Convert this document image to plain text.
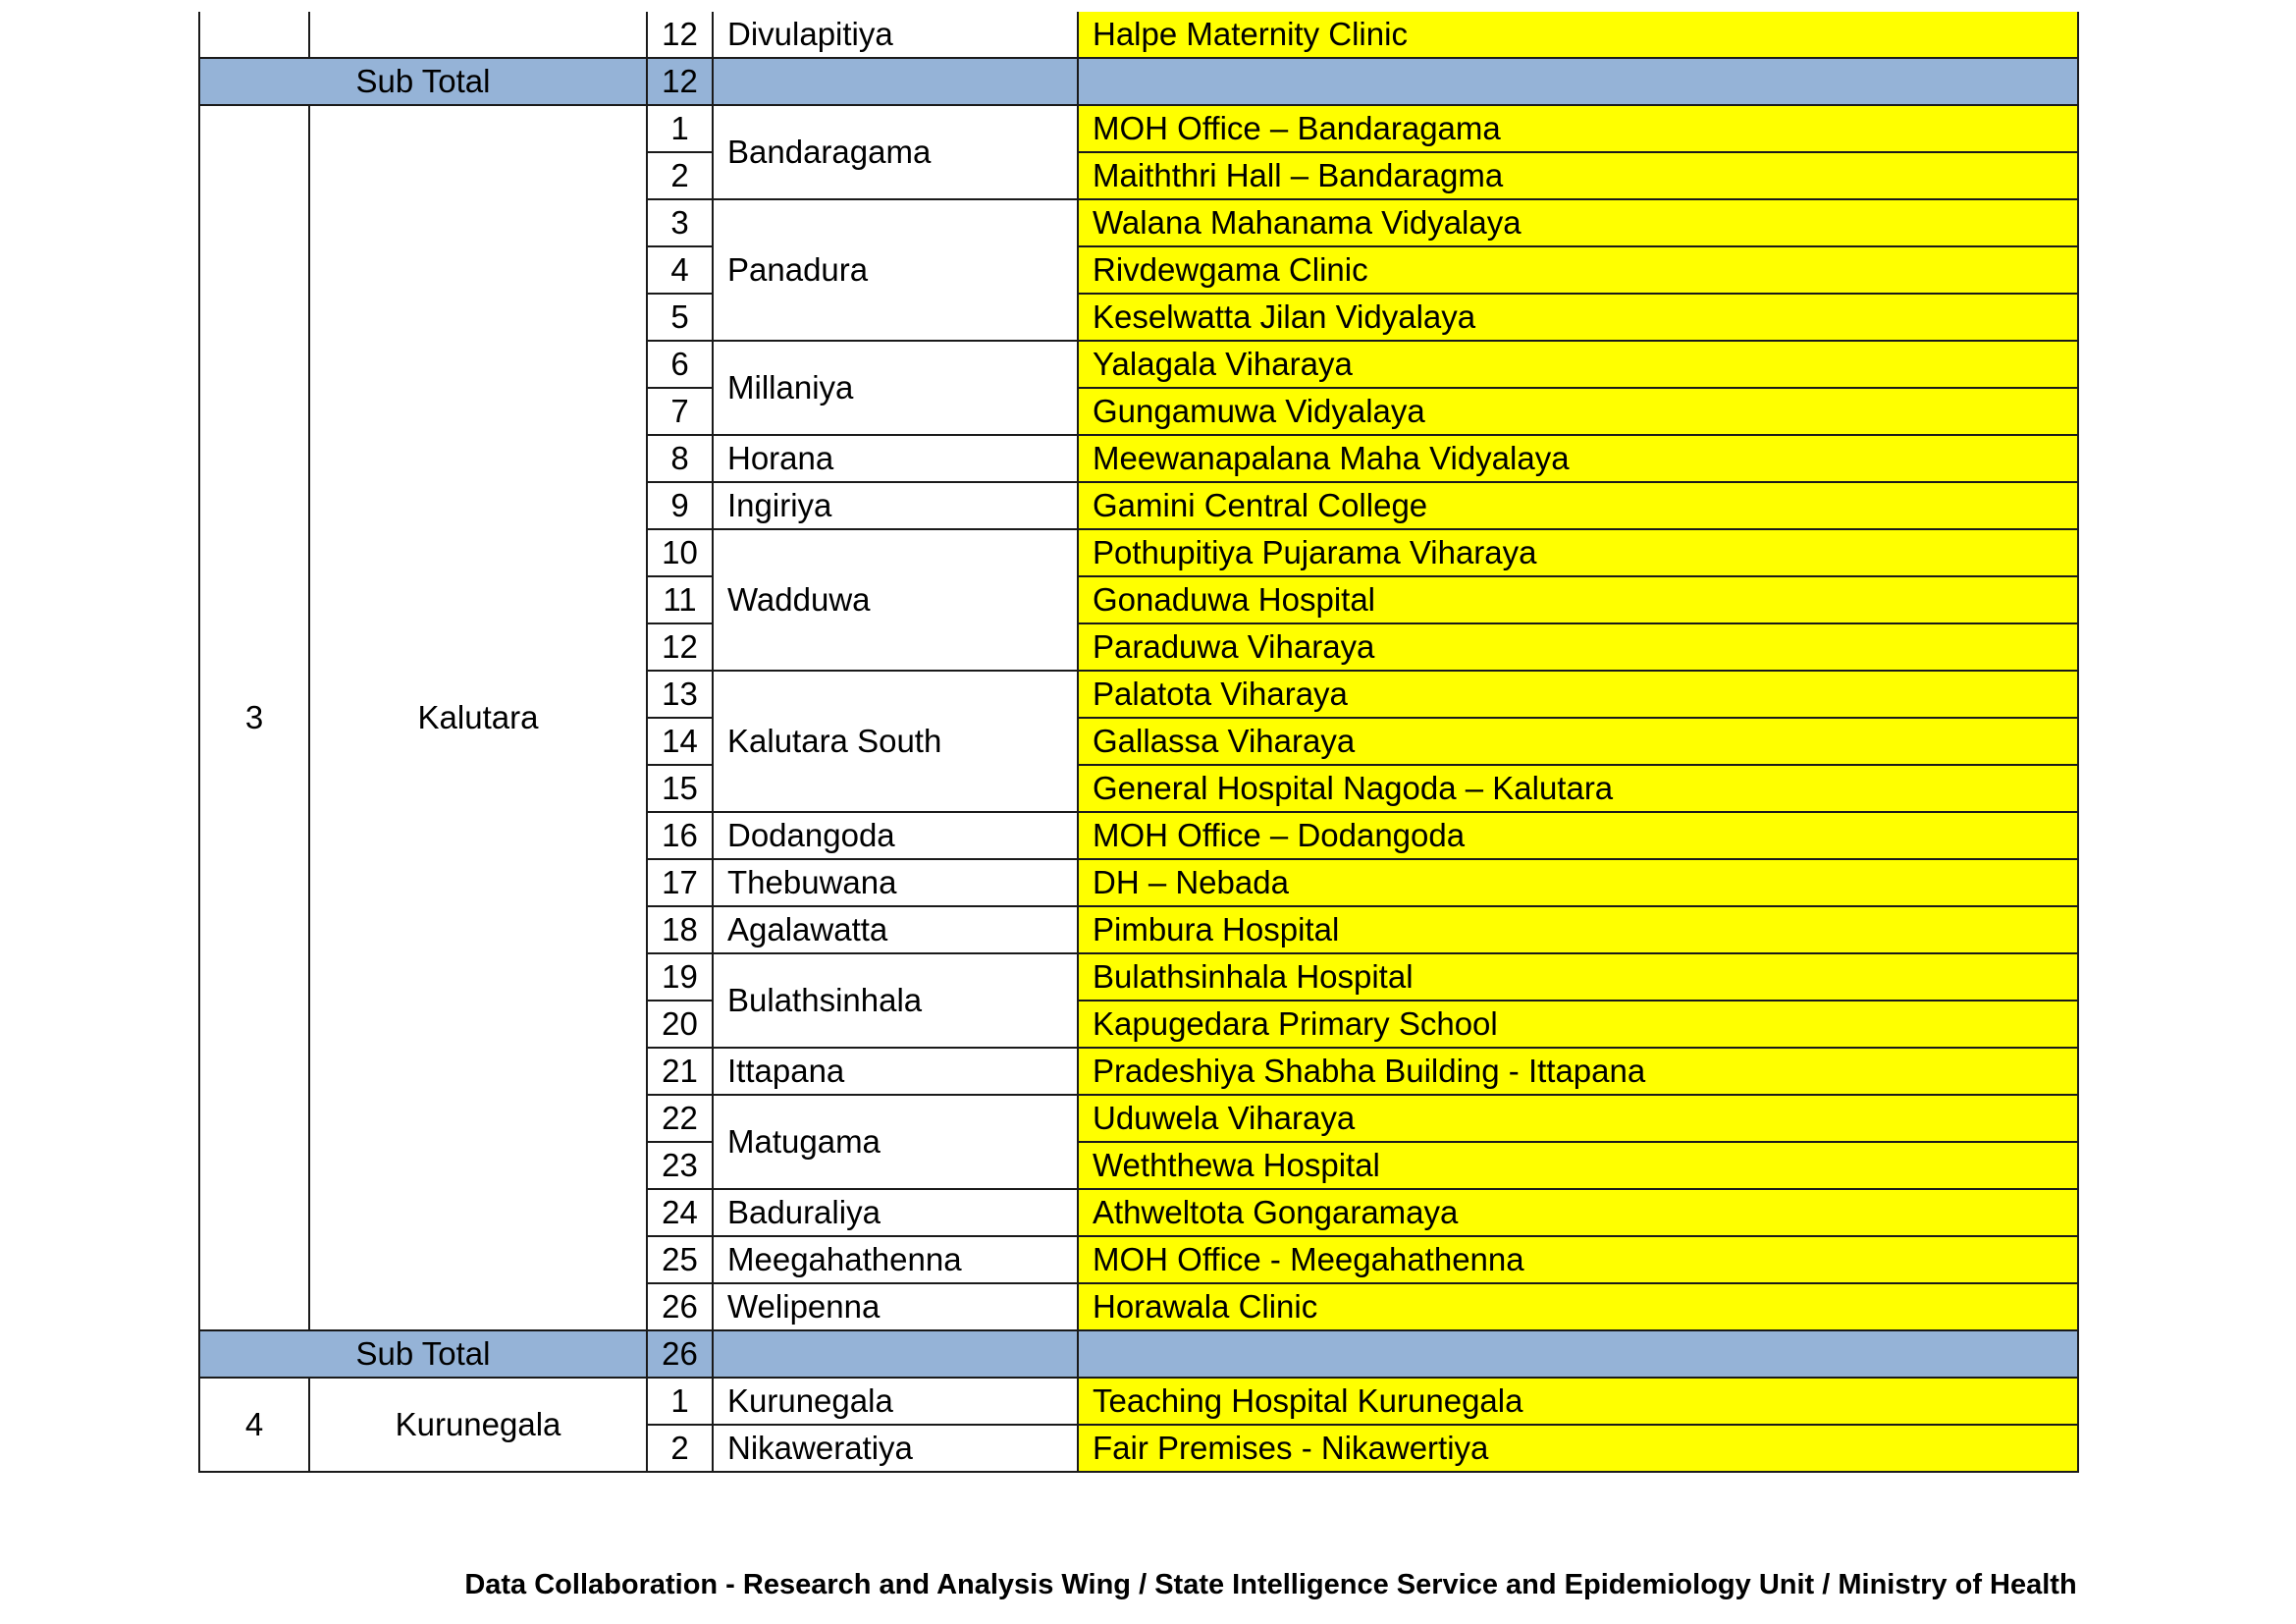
		12	Divulapitiya	Halpe Maternity Clinic
Sub Total		12		
3	Kalutara	1	Bandaragama	MOH Office – Bandaragama
		2		Maiththri Hall – Bandaragma
		3	Panadura	Walana Mahanama Vidyalaya
		4		Rivdewgama Clinic
		5		Keselwatta Jilan Vidyalaya
		6	Millaniya	Yalagala Viharaya
		7		Gungamuwa Vidyalaya
		8	Horana	Meewanapalana Maha Vidyalaya
		9	Ingiriya	Gamini Central College
		10	Wadduwa	Pothupitiya Pujarama Viharaya
		11		Gonaduwa Hospital
		12		Paraduwa Viharaya
		13	Kalutara South	Palatota Viharaya
		14		Gallassa Viharaya
		15		General Hospital Nagoda – Kalutara
		16	Dodangoda	MOH Office – Dodangoda
		17	Thebuwana	DH – Nebada
		18	Agalawatta	Pimbura Hospital
		19	Bulathsinhala	Bulathsinhala Hospital
		20		Kapugedara Primary School
		21	Ittapana	Pradeshiya Shabha Building - Ittapana
		22	Matugama	Uduwela Viharaya
		23		Weththewa Hospital
		24	Baduraliya	Athweltota Gongaramaya
		25	Meegahathenna	MOH Office - Meegahathenna
		26	Welipenna	Horawala Clinic
Sub Total		26		
4	Kurunegala	1	Kurunegala	Teaching Hospital Kurunegala
		2	Nikaweratiya	Fair Premises - Nikawertiya
Data Collaboration - Research and Analysis Wing / State Intelligence Service and Epidemiology Unit / Ministry of Health
